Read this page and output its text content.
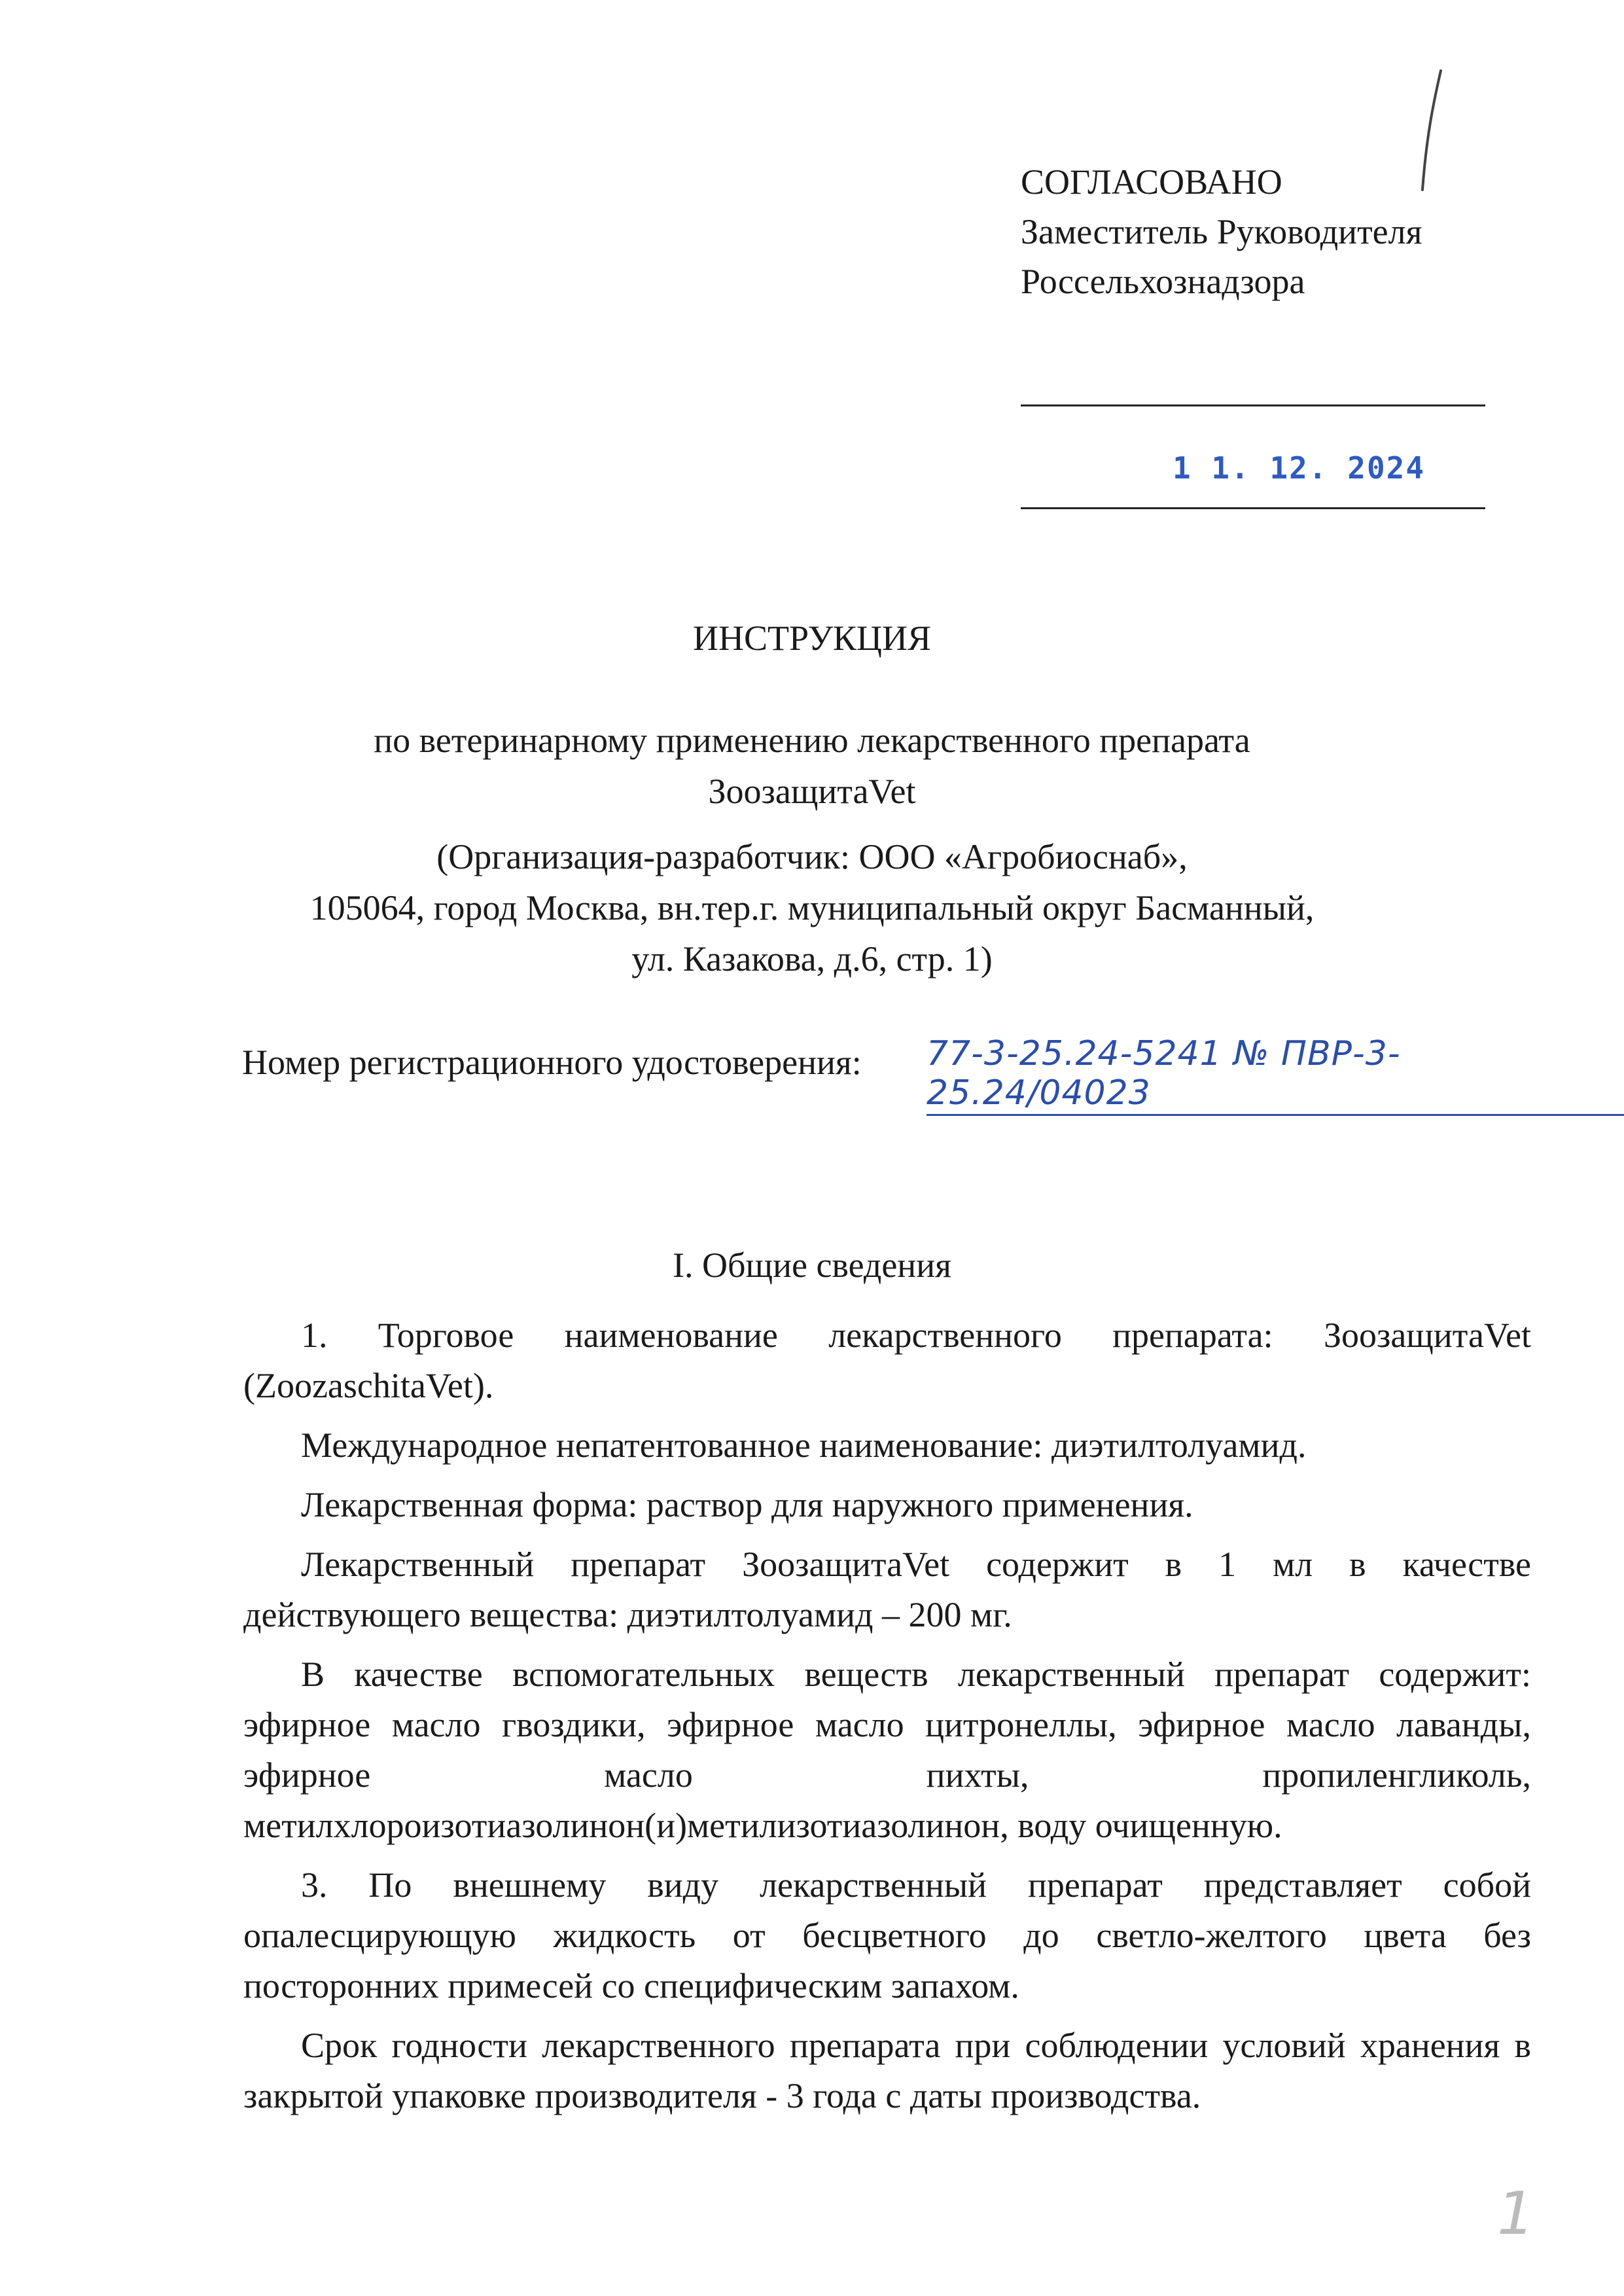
СОГЛАСОВАНО
Заместитель Руководителя
Россельхознадзора
1 1. 12. 2024
ИНСТРУКЦИЯ
по ветеринарному применению лекарственного препарата
ЗоозащитаVet
(Организация-разработчик: ООО «Агробиоснаб»,
105064, город Москва, вн.тер.г. муниципальный округ Басманный,
ул. Казакова, д.6, стр. 1)
Номер регистрационного удостоверения: 77-3-25.24-5241 № ПВР-3-25.24/04023
I. Общие сведения

1. Торговое наименование лекарственного препарата: ЗоозащитаVet (ZoozaschitaVet).

Международное непатентованное наименование: диэтилтолуамид.

Лекарственная форма: раствор для наружного применения.

Лекарственный препарат ЗоозащитаVet содержит в 1 мл в качестве действующего вещества: диэтилтолуамид – 200 мг.

В качестве вспомогательных веществ лекарственный препарат содержит: эфирное масло гвоздики, эфирное масло цитронеллы, эфирное масло лаванды, эфирное масло пихты, пропиленгликоль, метилхлороизотиазолинон(и)метилизотиазолинон, воду очищенную.

3. По внешнему виду лекарственный препарат представляет собой опалесцирующую жидкость от бесцветного до светло-желтого цвета без посторонних примесей со специфическим запахом.

Срок годности лекарственного препарата при соблюдении условий хранения в закрытой упаковке производителя - 3 года с даты производства.

1
